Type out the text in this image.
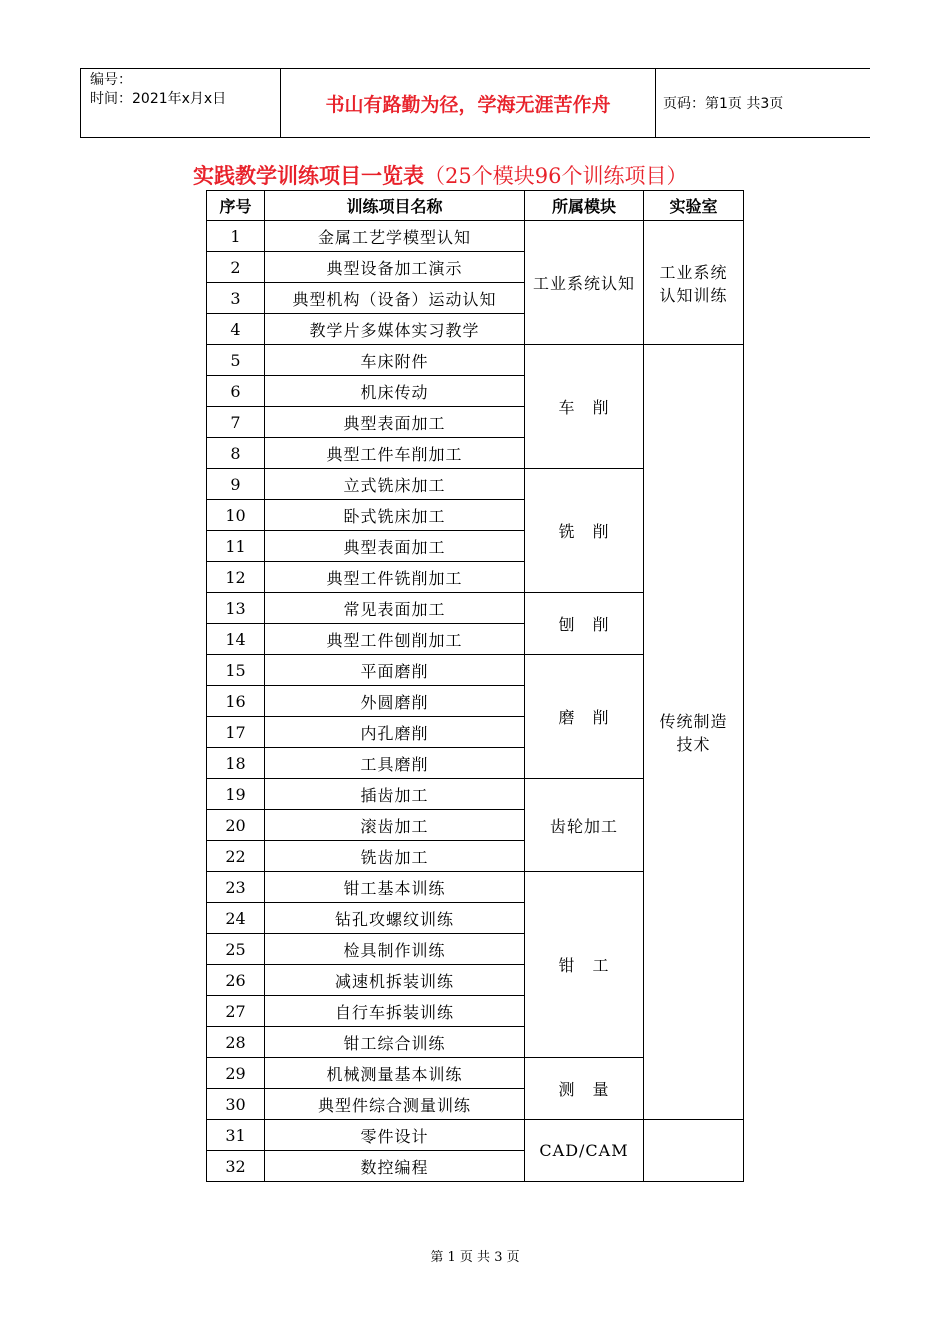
编号：
时间：2021年x月x日	书山有路勤为径，学海无涯苦作舟	页码：第1页 共3页
实践教学训练项目一览表（25个模块96个训练项目）
序号	训练项目名称	所属模块	实验室
1	金属工艺学模型认知	工业系统认知	工业系统认知训练
2	典型设备加工演示		
3	典型机构（设备）运动认知		
4	教学片多媒体实习教学		
5	车床附件	车　削	传统制造技术
6	机床传动		
7	典型表面加工		
8	典型工件车削加工		
9	立式铣床加工	铣　削	
10	卧式铣床加工		
11	典型表面加工		
12	典型工件铣削加工		
13	常见表面加工	刨　削	
14	典型工件刨削加工		
15	平面磨削	磨　削	
16	外圆磨削		
17	内孔磨削		
18	工具磨削		
19	插齿加工	齿轮加工	
20	滚齿加工		
22	铣齿加工		
23	钳工基本训练	钳　工	
24	钻孔攻螺纹训练		
25	检具制作训练		
26	减速机拆装训练		
27	自行车拆装训练		
28	钳工综合训练		
29	机械测量基本训练	测　量	
30	典型件综合测量训练		
31	零件设计	CAD/CAM	
32	数控编程		
第 1 页 共 3 页
